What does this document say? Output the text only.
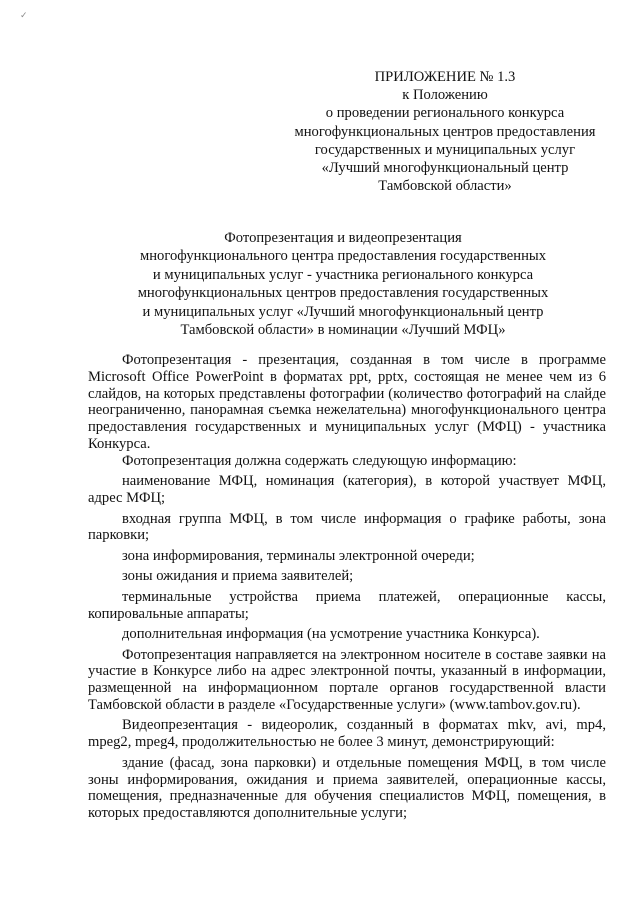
✓
ПРИЛОЖЕНИЕ № 1.3
к Положению
о проведении регионального конкурса
многофункциональных центров предоставления
государственных и муниципальных услуг
«Лучший многофункциональный центр
Тамбовской области»
Фотопрезентация и видеопрезентация
многофункционального центра предоставления государственных
и муниципальных услуг - участника регионального конкурса
многофункциональных центров предоставления государственных
и муниципальных услуг «Лучший многофункциональный центр
Тамбовской области» в номинации «Лучший МФЦ»

Фотопрезентация - презентация, созданная в том числе в программе Microsoft Office PowerPoint в форматах ppt, pptx, состоящая не менее чем из 6 слайдов, на которых представлены фотографии (количество фотографий на слайде неограниченно, панорамная съемка нежелательна) многофункционального центра предоставления государственных и муниципальных услуг (МФЦ) - участника Конкурса.

Фотопрезентация должна содержать следующую информацию:

наименование МФЦ, номинация (категория), в которой участвует МФЦ, адрес МФЦ;

входная группа МФЦ, в том числе информация о графике работы, зона парковки;

зона информирования, терминалы электронной очереди;

зоны ожидания и приема заявителей;

терминальные устройства приема платежей, операционные кассы, копировальные аппараты;

дополнительная информация (на усмотрение участника Конкурса).

Фотопрезентация направляется на электронном носителе в составе заявки на участие в Конкурсе либо на адрес электронной почты, указанный в информации, размещенной на информационном портале органов государственной власти Тамбовской области в разделе «Государственные услуги» (www.tambov.gov.ru).

Видеопрезентация - видеоролик, созданный в форматах mkv, avi, mp4, mpeg2, mpeg4, продолжительностью не более 3 минут, демонстрирующий:

здание (фасад, зона парковки) и отдельные помещения МФЦ, в том числе зоны информирования, ожидания и приема заявителей, операционные кассы, помещения, предназначенные для обучения специалистов МФЦ, помещения, в которых предоставляются дополнительные услуги;
